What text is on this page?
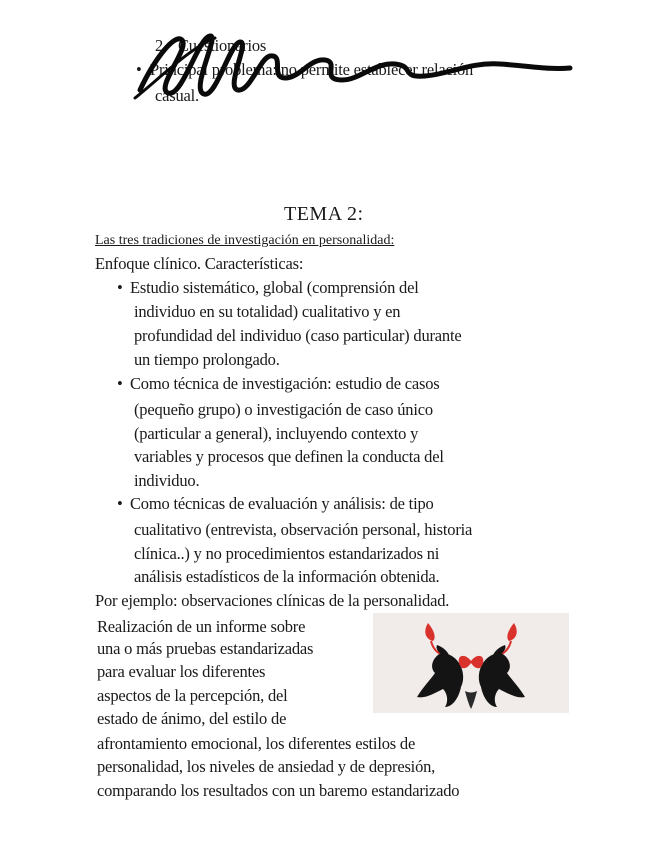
2. Cuestionarios
• Principal problema: no permite establecer relación
casual.
TEMA 2:
Las tres tradiciones de investigación en personalidad:
Enfoque clínico. Características:
• Estudio sistemático, global (comprensión del
individuo en su totalidad) cualitativo y en
profundidad del individuo (caso particular) durante
un tiempo prolongado.
• Como técnica de investigación: estudio de casos
(pequeño grupo) o investigación de caso único
(particular a general), incluyendo contexto y
variables y procesos que definen la conducta del
individuo.
• Como técnicas de evaluación y análisis: de tipo
cualitativo (entrevista, observación personal, historia
clínica..) y no procedimientos estandarizados ni
análisis estadísticos de la información obtenida.
Por ejemplo: observaciones clínicas de la personalidad.
Realización de un informe sobre
una o más pruebas estandarizadas
para evaluar los diferentes
aspectos de la percepción, del
estado de ánimo, del estilo de
afrontamiento emocional, los diferentes estilos de
personalidad, los niveles de ansiedad y de depresión,
comparando los resultados con un baremo estandarizado
